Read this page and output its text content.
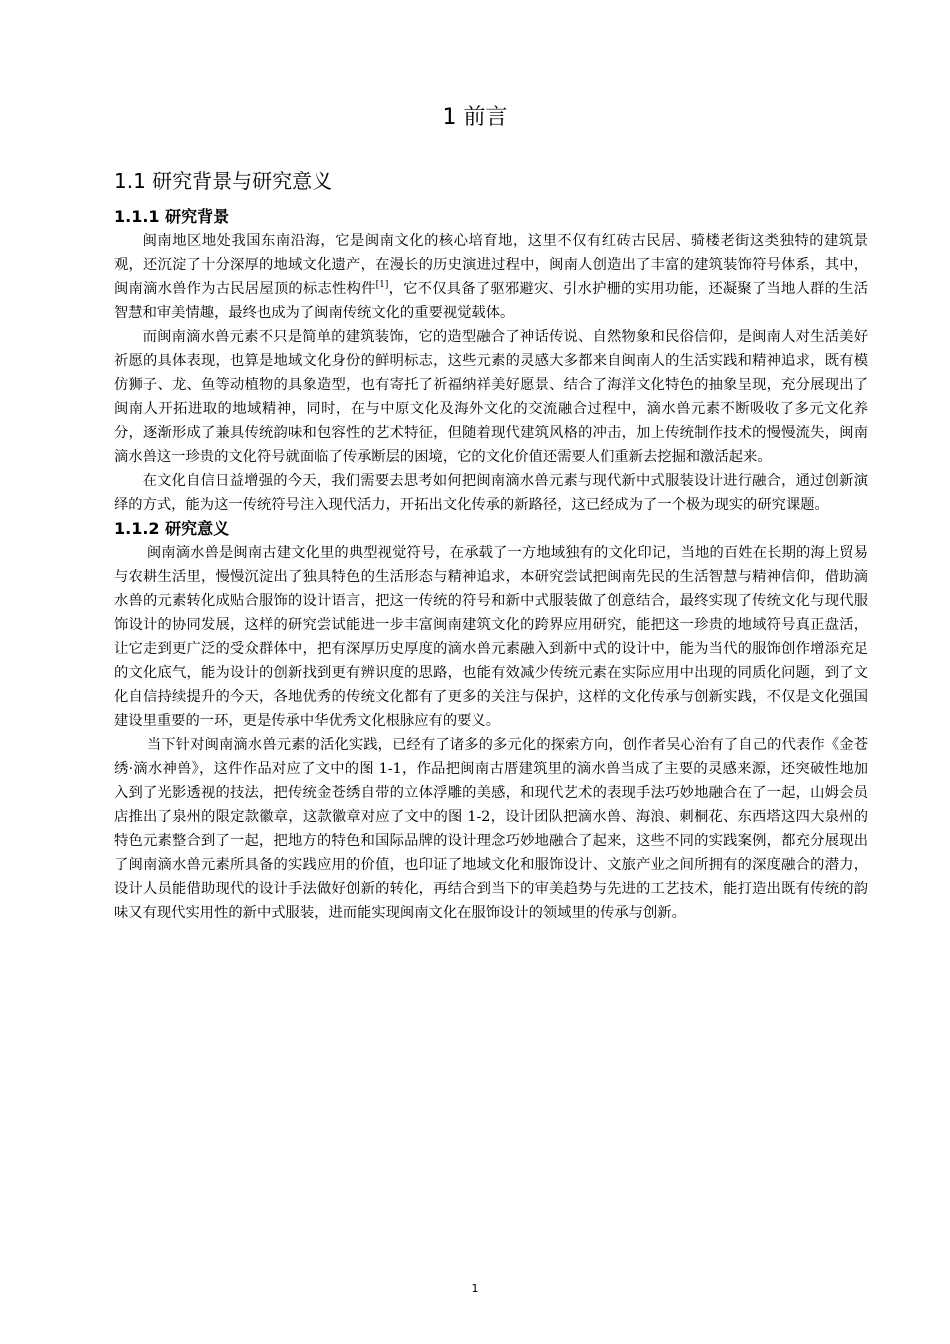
1 前言
1.1 研究背景与研究意义
1.1.1 研究背景

闽南地区地处我国东南沿海，它是闽南文化的核心培育地，这里不仅有红砖古民居、骑楼老街这类独特的建筑景观，还沉淀了十分深厚的地域文化遗产，在漫长的历史演进过程中，闽南人创造出了丰富的建筑装饰符号体系，其中，闽南滴水兽作为古民居屋顶的标志性构件[1]，它不仅具备了驱邪避灾、引水护栅的实用功能，还凝聚了当地人群的生活智慧和审美情趣，最终也成为了闽南传统文化的重要视觉载体。

而闽南滴水兽元素不只是简单的建筑装饰，它的造型融合了神话传说、自然物象和民俗信仰，是闽南人对生活美好祈愿的具体表现，也算是地域文化身份的鲜明标志，这些元素的灵感大多都来自闽南人的生活实践和精神追求，既有模仿狮子、龙、鱼等动植物的具象造型，也有寄托了祈福纳祥美好愿景、结合了海洋文化特色的抽象呈现，充分展现出了闽南人开拓进取的地域精神，同时，在与中原文化及海外文化的交流融合过程中，滴水兽元素不断吸收了多元文化养分，逐渐形成了兼具传统韵味和包容性的艺术特征，但随着现代建筑风格的冲击，加上传统制作技术的慢慢流失，闽南滴水兽这一珍贵的文化符号就面临了传承断层的困境，它的文化价值还需要人们重新去挖掘和激活起来。

在文化自信日益增强的今天，我们需要去思考如何把闽南滴水兽元素与现代新中式服装设计进行融合，通过创新演绎的方式，能为这一传统符号注入现代活力，开拓出文化传承的新路径，这已经成为了一个极为现实的研究课题。

1.1.2 研究意义

闽南滴水兽是闽南古建文化里的典型视觉符号，在承载了一方地域独有的文化印记，当地的百姓在长期的海上贸易与农耕生活里，慢慢沉淀出了独具特色的生活形态与精神追求，本研究尝试把闽南先民的生活智慧与精神信仰，借助滴水兽的元素转化成贴合服饰的设计语言，把这一传统的符号和新中式服装做了创意结合，最终实现了传统文化与现代服饰设计的协同发展，这样的研究尝试能进一步丰富闽南建筑文化的跨界应用研究，能把这一珍贵的地域符号真正盘活，让它走到更广泛的受众群体中，把有深厚历史厚度的滴水兽元素融入到新中式的设计中，能为当代的服饰创作增添充足的文化底气，能为设计的创新找到更有辨识度的思路，也能有效减少传统元素在实际应用中出现的同质化问题，到了文化自信持续提升的今天，各地优秀的传统文化都有了更多的关注与保护，这样的文化传承与创新实践，不仅是文化强国建设里重要的一环，更是传承中华优秀文化根脉应有的要义。

当下针对闽南滴水兽元素的活化实践，已经有了诸多的多元化的探索方向，创作者吴心治有了自己的代表作《金苍绣·滴水神兽》，这件作品对应了文中的图 1-1，作品把闽南古厝建筑里的滴水兽当成了主要的灵感来源，还突破性地加入到了光影透视的技法，把传统金苍绣自带的立体浮雕的美感，和现代艺术的表现手法巧妙地融合在了一起，山姆会员店推出了泉州的限定款徽章，这款徽章对应了文中的图 1-2，设计团队把滴水兽、海浪、刺桐花、东西塔这四大泉州的特色元素整合到了一起，把地方的特色和国际品牌的设计理念巧妙地融合了起来，这些不同的实践案例，都充分展现出了闽南滴水兽元素所具备的实践应用的价值，也印证了地域文化和服饰设计、文旅产业之间所拥有的深度融合的潜力，设计人员能借助现代的设计手法做好创新的转化，再结合到当下的审美趋势与先进的工艺技术，能打造出既有传统的韵味又有现代实用性的新中式服装，进而能实现闽南文化在服饰设计的领域里的传承与创新。

1
